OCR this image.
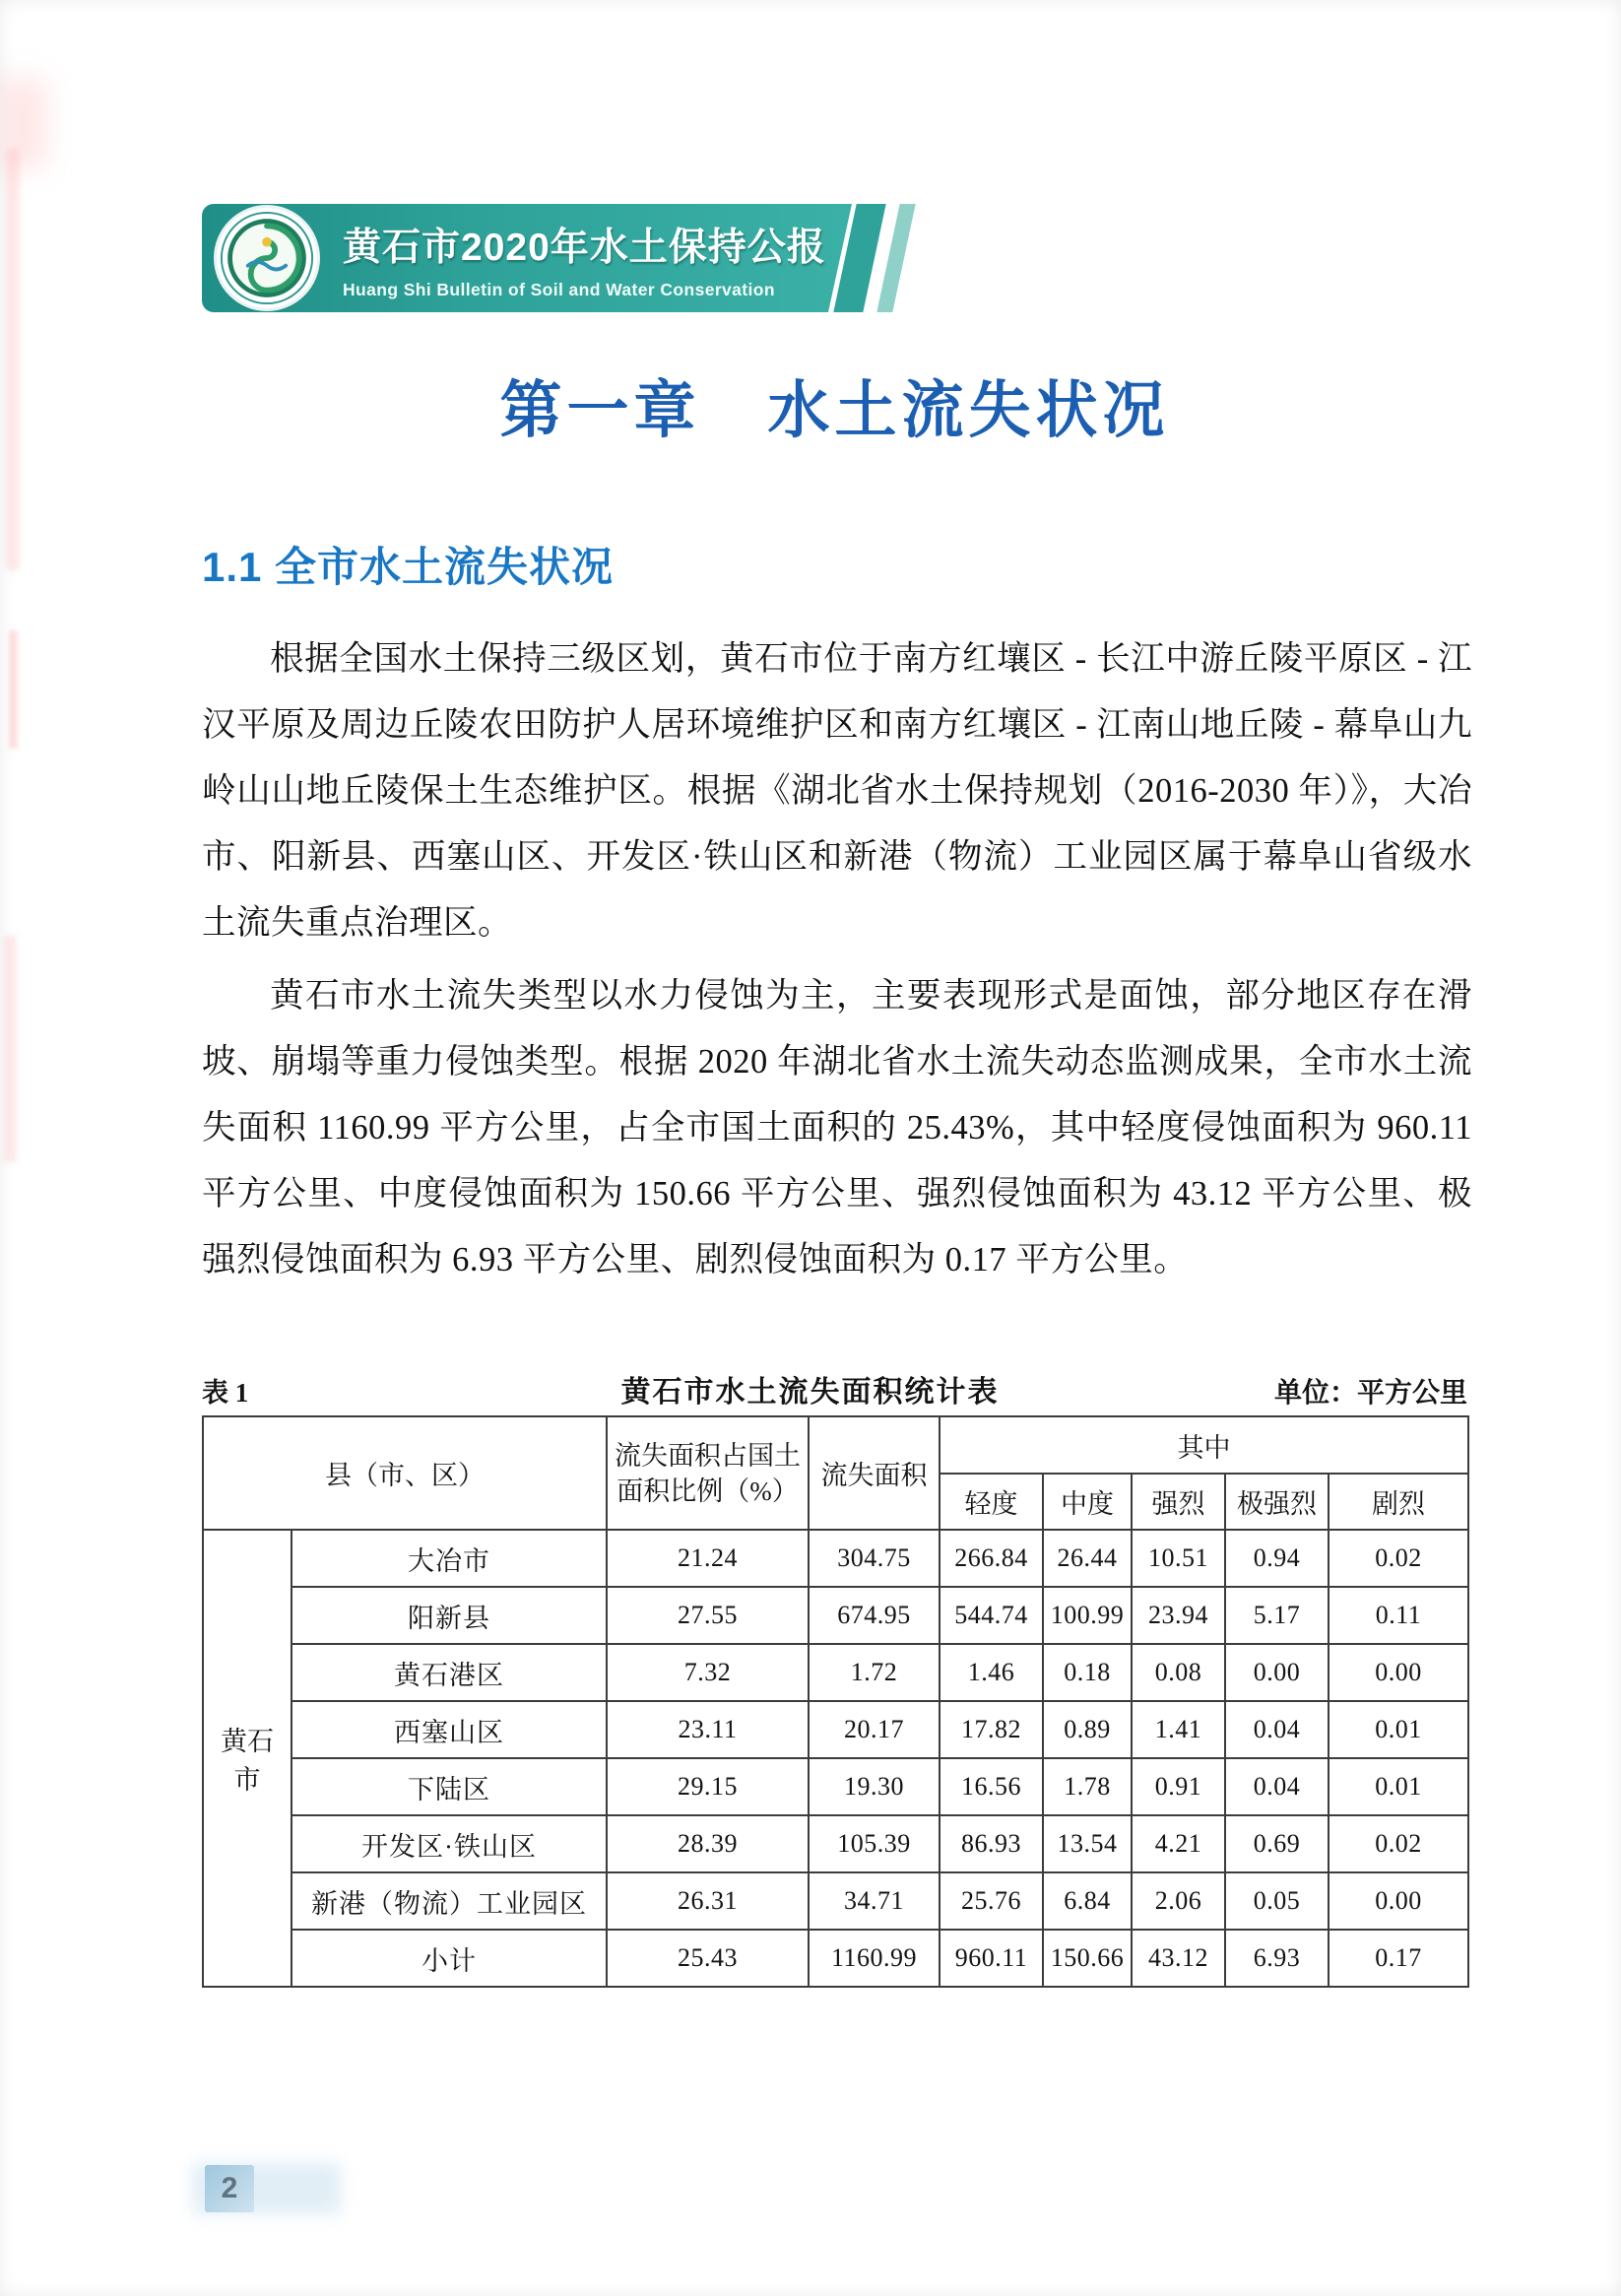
黄石市2020年水土保持公报
Huang Shi Bulletin of Soil and Water Conservation
第一章　水土流失状况
1.1 全市水土流失状况
根据全国水土保持三级区划，黄石市位于南方红壤区 - 长江中游丘陵平原区 - 江汉平原及周边丘陵农田防护人居环境维护区和南方红壤区 - 江南山地丘陵 - 幕阜山九岭山山地丘陵保土生态维护区。根据《湖北省水土保持规划（2016-2030 年）》，大冶市、阳新县、西塞山区、开发区·铁山区和新港（物流）工业园区属于幕阜山省级水土流失重点治理区。
黄石市水土流失类型以水力侵蚀为主，主要表现形式是面蚀，部分地区存在滑坡、崩塌等重力侵蚀类型。根据 2020 年湖北省水土流失动态监测成果，全市水土流失面积 1160.99 平方公里，占全市国土面积的 25.43%，其中轻度侵蚀面积为 960.11 平方公里、中度侵蚀面积为 150.66 平方公里、强烈侵蚀面积为 43.12 平方公里、极强烈侵蚀面积为 6.93 平方公里、剧烈侵蚀面积为 0.17 平方公里。
表 1	黄石市水土流失面积统计表	单位：平方公里
县（市、区）		流失面积占国土面积比例（%）	流失面积	其中				
				轻度	中度	强烈	极强烈	剧烈
黄石市	大冶市	21.24	304.75	266.84	26.44	10.51	0.94	0.02
	阳新县	27.55	674.95	544.74	100.99	23.94	5.17	0.11
	黄石港区	7.32	1.72	1.46	0.18	0.08	0.00	0.00
	西塞山区	23.11	20.17	17.82	0.89	1.41	0.04	0.01
	下陆区	29.15	19.30	16.56	1.78	0.91	0.04	0.01
	开发区·铁山区	28.39	105.39	86.93	13.54	4.21	0.69	0.02
	新港（物流）工业园区	26.31	34.71	25.76	6.84	2.06	0.05	0.00
	小计	25.43	1160.99	960.11	150.66	43.12	6.93	0.17
2
